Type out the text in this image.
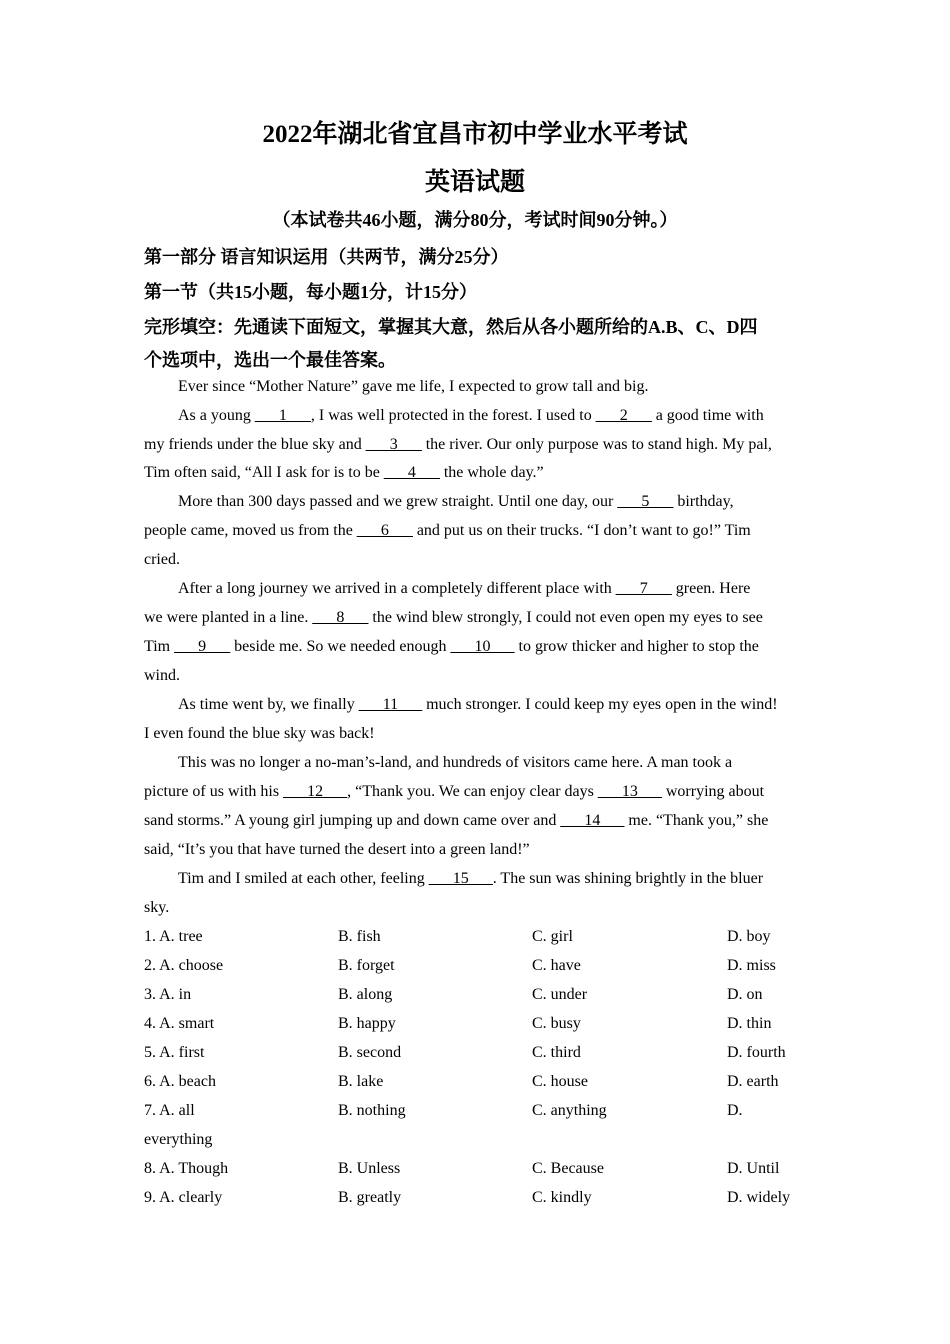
2022年湖北省宜昌市初中学业水平考试
英语试题
（本试卷共46小题，满分80分，考试时间90分钟。）
第一部分 语言知识运用（共两节，满分25分）
第一节（共15小题，每小题1分，计15分）
完形填空：先通读下面短文，掌握其大意，然后从各小题所给的A.B、C、D四
个选项中，选出一个最佳答案。
Ever since “Mother Nature” gave me life, I expected to grow tall and big.
As a young ___1___, I was well protected in the forest. I used to ___2___ a good time with
my friends under the blue sky and ___3___ the river. Our only purpose was to stand high. My pal,
Tim often said, “All I ask for is to be ___4___ the whole day.”
More than 300 days passed and we grew straight. Until one day, our ___5___ birthday,
people came, moved us from the ___6___ and put us on their trucks. “I don’t want to go!” Tim
cried.
After a long journey we arrived in a completely different place with ___7___ green. Here
we were planted in a line. ___8___ the wind blew strongly, I could not even open my eyes to see
Tim ___9___ beside me. So we needed enough ___10___ to grow thicker and higher to stop the
wind.
As time went by, we finally ___11___ much stronger. I could keep my eyes open in the wind!
I even found the blue sky was back!
This was no longer a no-man’s-land, and hundreds of visitors came here. A man took a
picture of us with his ___12___, “Thank you. We can enjoy clear days ___13___ worrying about
sand storms.” A young girl jumping up and down came over and ___14___ me. “Thank you,” she
said, “It’s you that have turned the desert into a green land!”
Tim and I smiled at each other, feeling ___15___. The sun was shining brightly in the bluer
sky.
1. A. tree	B. fish	C. girl	D. boy
2. A. choose	B. forget	C. have	D. miss
3. A. in	B. along	C. under	D. on
4. A. smart	B. happy	C. busy	D. thin
5. A. first	B. second	C. third	D. fourth
6. A. beach	B. lake	C. house	D. earth
7. A. all	B. nothing	C. anything	D.
everything
8. A. Though	B. Unless	C. Because	D. Until
9. A. clearly	B. greatly	C. kindly	D. widely
